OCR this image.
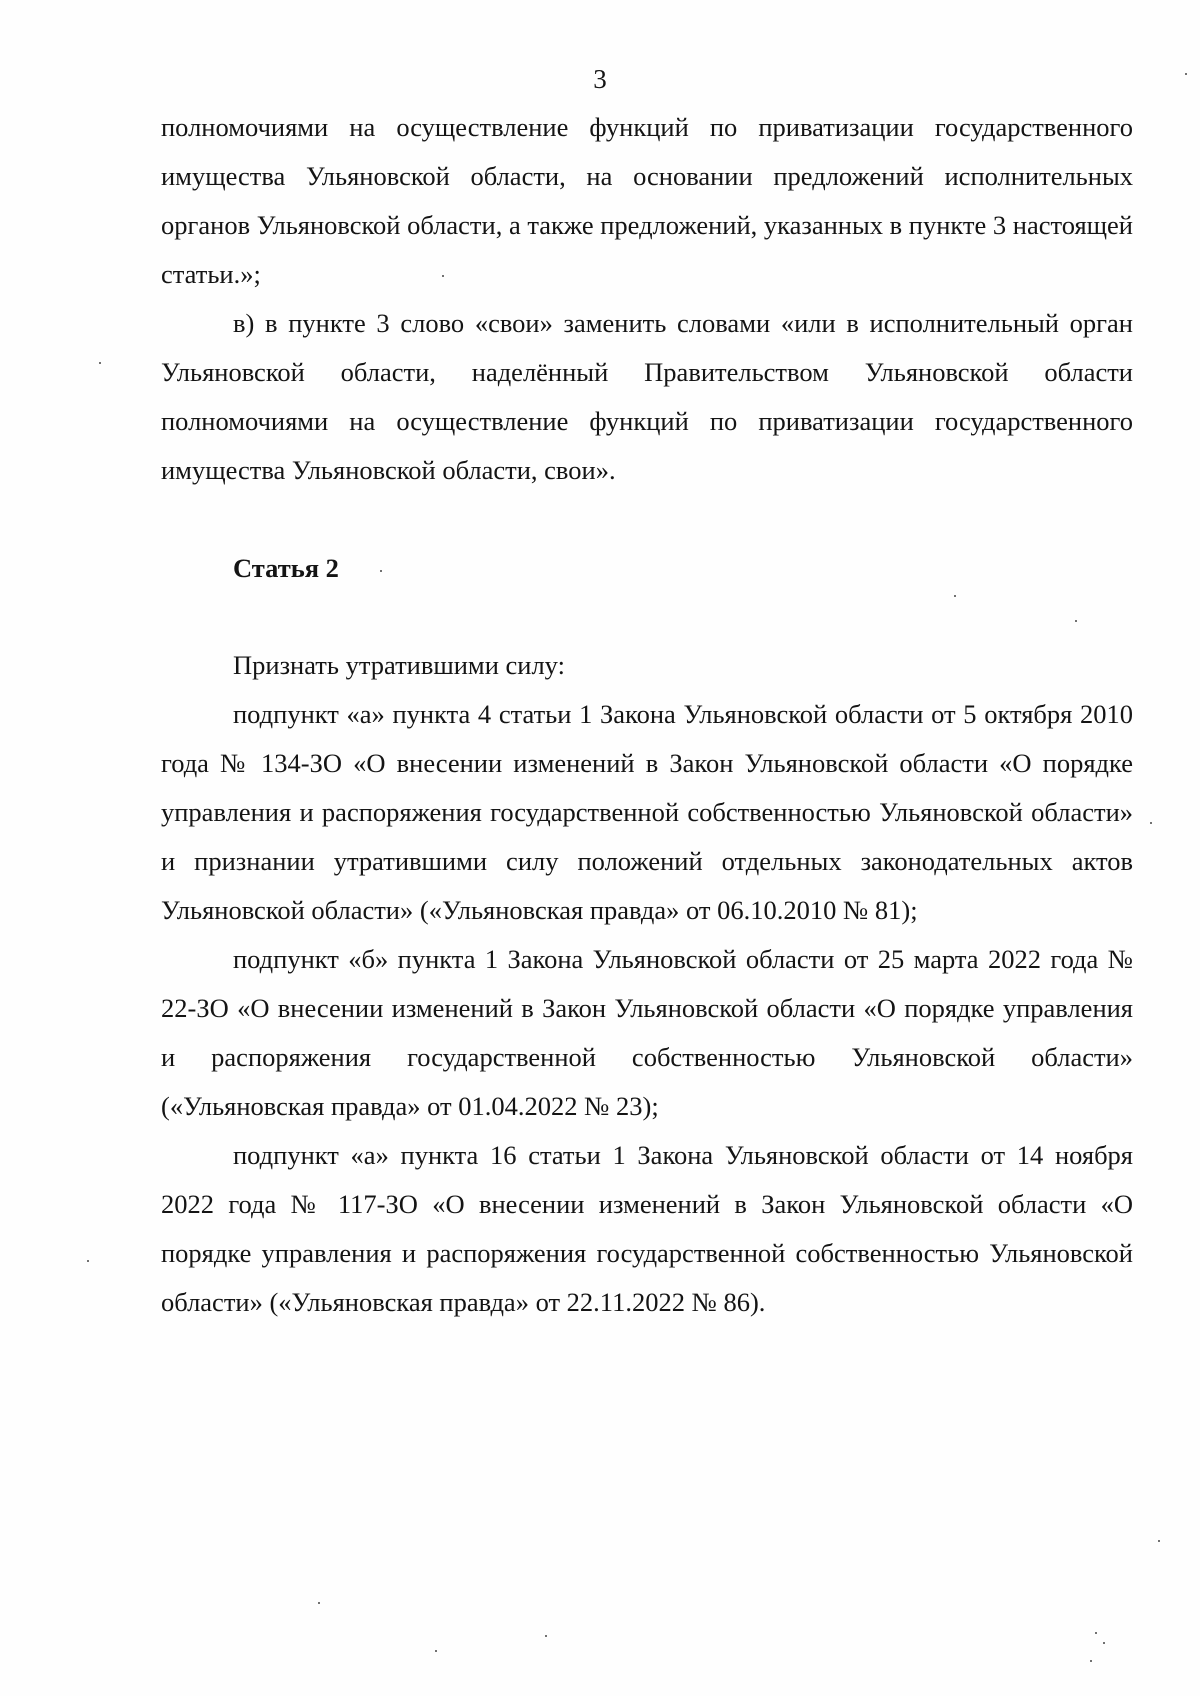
3

полномочиями на осуществление функций по приватизации государственного имущества Ульяновской области, на основании предложений исполнительных органов Ульяновской области, а также предложений, указанных в пункте 3 настоящей статьи.»;

в) в пункте 3 слово «свои» заменить словами «или в исполнительный орган Ульяновской области, наделённый Правительством Ульяновской области полномочиями на осуществление функций по приватизации государственного имущества Ульяновской области, свои».

Статья 2

Признать утратившими силу:

подпункт «а» пункта 4 статьи 1 Закона Ульяновской области от 5 октября 2010 года № 134-ЗО «О внесении изменений в Закон Ульяновской области «О порядке управления и распоряжения государственной собственностью Ульяновской области» и признании утратившими силу положений отдельных законодательных актов Ульяновской области» («Ульяновская правда» от 06.10.2010 № 81);

подпункт «б» пункта 1 Закона Ульяновской области от 25 марта 2022 года № 22-ЗО «О внесении изменений в Закон Ульяновской области «О порядке управления и распоряжения государственной собственностью Ульяновской области» («Ульяновская правда» от 01.04.2022 № 23);

подпункт «а» пункта 16 статьи 1 Закона Ульяновской области от 14 ноября 2022 года № 117-ЗО «О внесении изменений в Закон Ульяновской области «О порядке управления и распоряжения государственной собственностью Ульяновской области» («Ульяновская правда» от 22.11.2022 № 86).
